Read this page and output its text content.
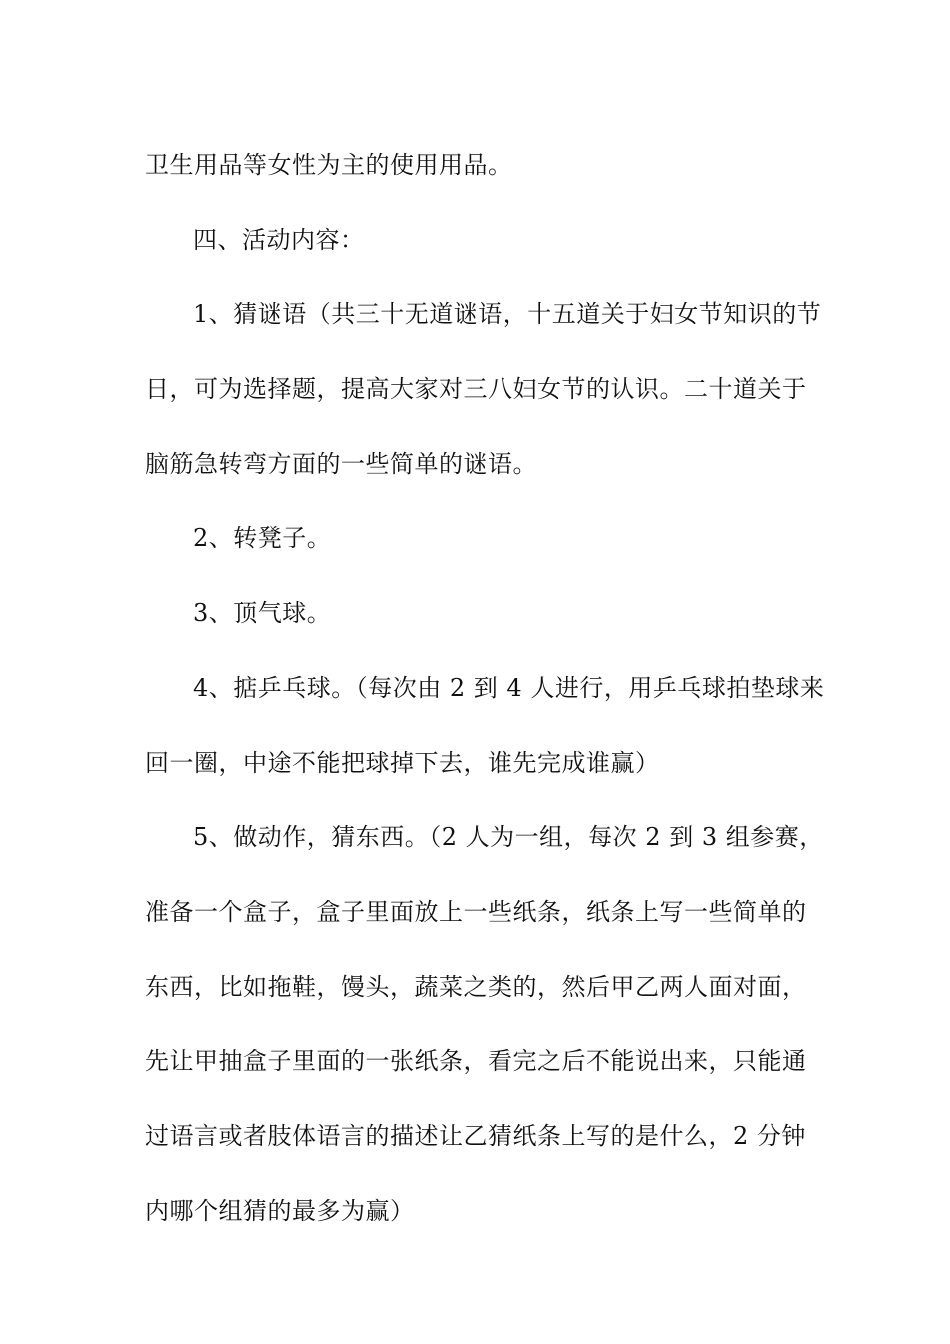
卫生用品等女性为主的使用用品。
四、活动内容：
1、猜谜语（共三十无道谜语，十五道关于妇女节知识的节
日，可为选择题，提高大家对三八妇女节的认识。二十道关于
脑筋急转弯方面的一些简单的谜语。
2、转凳子。
3、顶气球。
4、掂乒乓球。（每次由 2 到 4 人进行，用乒乓球拍垫球来
回一圈，中途不能把球掉下去，谁先完成谁赢）
5、做动作，猜东西。（2 人为一组，每次 2 到 3 组参赛，
准备一个盒子，盒子里面放上一些纸条，纸条上写一些简单的
东西，比如拖鞋，馒头，蔬菜之类的，然后甲乙两人面对面，
先让甲抽盒子里面的一张纸条，看完之后不能说出来，只能通
过语言或者肢体语言的描述让乙猜纸条上写的是什么，2 分钟
内哪个组猜的最多为赢）
